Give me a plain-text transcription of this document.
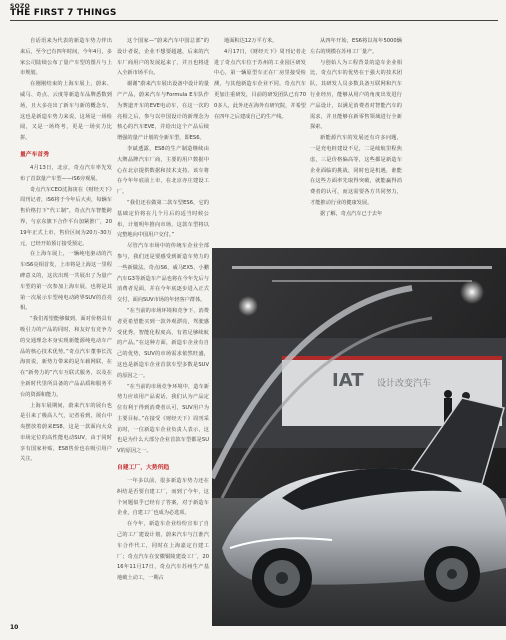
SOZO
THE FIRST 7 THINGS

自话语来为代表的新造车势力伴出来后，至今已有四年时间，今年4月，多家公司陆续公布了量产车型的图片与上市规划。

在刚刚结束的上海车展上，蔚来、威马、奇点、云度等新造车品牌悉数到场，且大多亮出了新车与新的概念车，这也是新造车势力来说，这场是一场检阅，又是一场终考，更是一场实力比拼。

量产车首秀

4月13日，北京，奇点汽车率先发布了首款量产车型——iS6旁观展。

奇点汽车CEO沈海寅在《财经天下》周刊记者，iS6将于今年后大卖，每辆车售价格打下“代工制”，奇点汽车智能跨界，与京东旗下合作平台加紧推广，2019年正式上市，售价区间为20万-30万元，已经开始预订接受预定。

在上海车展上，一辆纯电驱动的汽车iS6亮相首发，上市将是上海这一里程碑意义的，这次出现一共展出了为量产车型的第一次参加上海车展，也将是其第一次展示车型纯电动跨界SUV的首亮相。

“我们希望能够做到，面对价格具有吸引力的产品的同时，和友好有竞争力的交通理念本身实现新能源纯电动车产品的核心技术优势。”奇点汽车董事长沈海寅说，新势力带来的是车载网联、在在“新势力的”汽车互联式服务，以及在全新时代里所具备的产品品质和服务平台的资源和能力。

上海车展期间，蔚来汽车的展台也是引来了极高人气，记者看到，展台中央摆放着蔚来ES8，这是一款面向大众市场定位的高性能电动SUV，由于同时享有国家补贴，ES8售价也在吸引用户关注。

这个国家—“蔚来汽车中国总部”的设计者说，企业不想要超越，后来的汽车厂商用户的发展起来了，并且也将进入全新市场平台。

谢谢”蔚来汽车展出设备中设计的量产产品，蔚来汽车与Formula E车队作为赛道开车的EVE电动车，在这一次的亮相之后，参与以中国设计的新理念为核心的汽车EVE，并给出这个产品后续增强的量产计划的全新车型，即ES6。

李斌透露，ES8的生产制造继续由大牌品牌汽车厂商，主要的用户数据中心在北京提供数据和技术支持。该车将在今年年底前上市，在北京亦庄建设工厂。

“我们还在做第二款车型ES6，它的基础定价将在几个月后的适当时候公布，计划明年推向市场，这款车型将以完整地向中国用户交付。”

尽管汽车市场中的传统车企业全部参与，我们还是要感受到新造车势力的一些新做法。奇点iS6、威马EX5、小鹏汽车G3等新造车产品也将在今年先后与消费者见面，并在今年底逐步进入正式交付，面向SUV市场的年轻客户群体。

“在当前的市场环境和竞争下，消费者更希望能买到一款外观漂亮，驾驶感受优秀、智能化程度高，有着足够续航的产品。”在这种方面，新造车企业有自己的优势，SUV的市场需求依然旺盛，这也是新造车企业首款车型多数是SUV的原因之一。

“在当前的市场竞争环境中，造车新势力应该用产品说话，我们认为产品定位有利于得到消费者认可，SUV用户为主要目标。”在接受《财经天下》周刊采访时，一位新造车企业负责人表示，这也是为什么大部分企业首款车型都是SUV的原因之一。

自建工厂，大势所趋

一年多以前，很多新造车势力还在纠结是否要自建工厂，而到了今年，这个问题似乎已经有了答案，对于新造车企业，自建工厂也成为必选项。

在今年，新造车企业纷纷宣布了自己的工厂建设计划，蔚来汽车与江淮汽车合作代工，同时在上海嘉定自建工厂；奇点汽车在安徽铜陵建设工厂，2016年11月17日，奇点汽车苏州生产基地破土动工，一期占

地面积达12万平方米。

4月17日，《财经天下》周刊记者走进了奇点汽车位于苏州的工业园区研发中心，第一辆原型车正在厂房里接受检测，与其他新造车企业不同，奇点汽车更加注重研发，目前的研发团队已有700多人，此外还在海外有研究院，并希望在四年之后建成自己的生产线。

从四年开始，ES6将以每年5000辆左右的规模在苏州工厂量产。

与创始人为工程背景的造车企业相比，奇点汽车的优势在于强大的技术团队，其研发人员多数具备互联网和汽车行业经历，能够从用户的角度出发进行产品设计，以满足消费者对智能汽车的需求，并且能够在新零售领域进行全新探索。

新能源汽车的发展还有许多问题，一是充电桩建设不足，二是续航里程焦虑，三是价格偏高等，这些都是新造车企业面临的挑战，同时也是机遇，谁能在这些方面率先取得突破，就能赢得消费者的认可，而这需要各方共同努力，才能推动行业的健康发展。

据了解，奇点汽车已于去年

IAT 设计改变汽车
10
